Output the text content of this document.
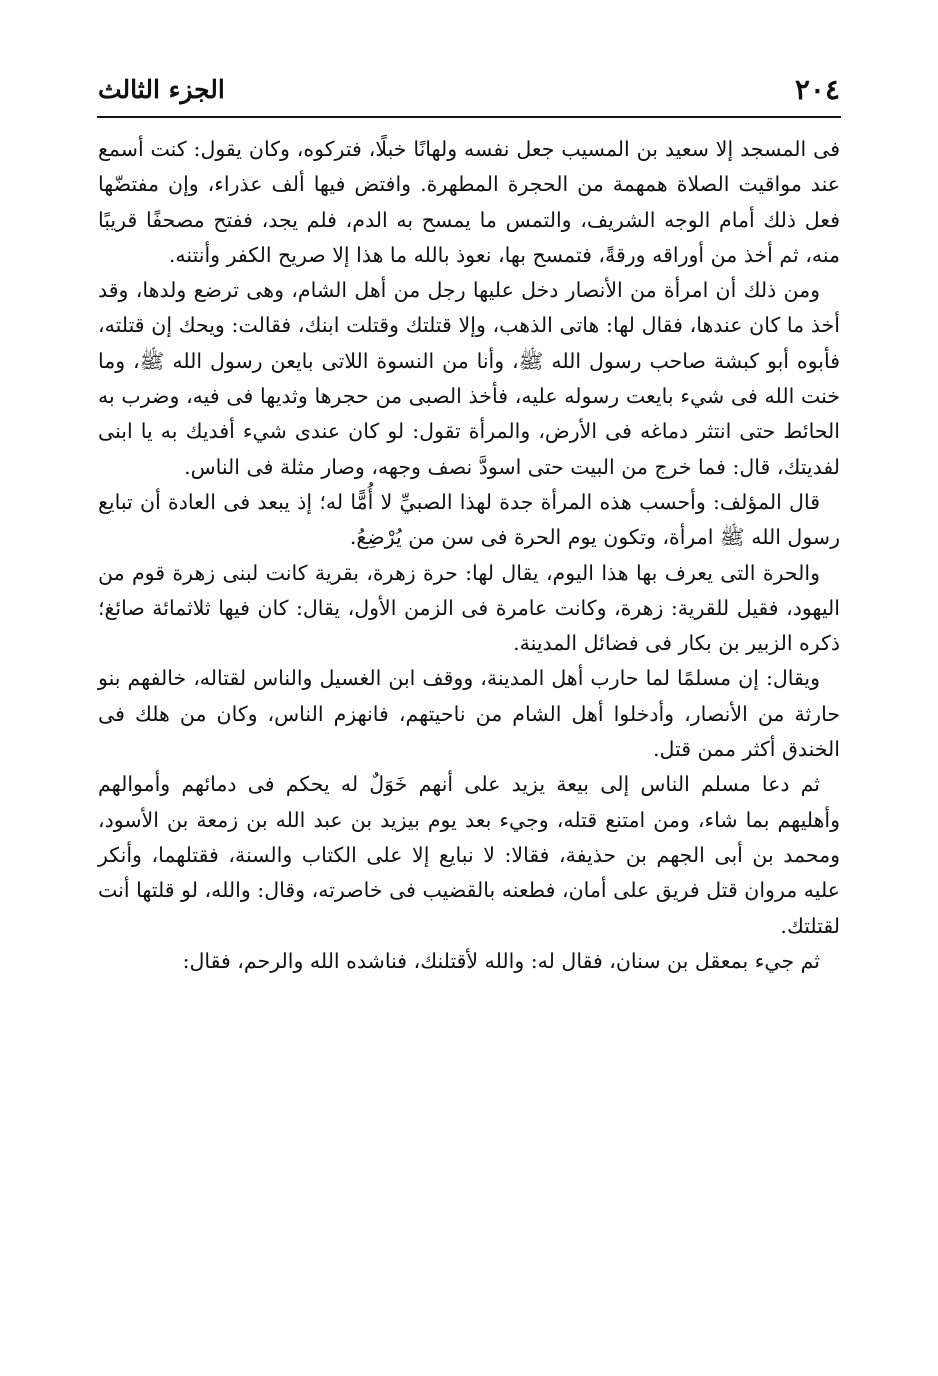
٢٠٤
الجزء الثالث

فى المسجد إلا سعيد بن المسيب جعل نفسه ولهانًا خبلًا، فتركوه، وكان يقول: كنت أسمع عند مواقيت الصلاة همهمة من الحجرة المطهرة. وافتض فيها ألف عذراء، وإن مفتضّها فعل ذلك أمام الوجه الشريف، والتمس ما يمسح به الدم، فلم يجد، ففتح مصحفًا قريبًا منه، ثم أخذ من أوراقه ورقةً، فتمسح بها، نعوذ بالله ما هذا إلا صريح الكفر وأنتنه.

ومن ذلك أن امرأة من الأنصار دخل عليها رجل من أهل الشام، وهى ترضع ولدها، وقد أخذ ما كان عندها، فقال لها: هاتى الذهب، وإلا قتلتك وقتلت ابنك، فقالت: ويحك إن قتلته، فأبوه أبو كبشة صاحب رسول الله ﷺ، وأنا من النسوة اللاتى بايعن رسول الله ﷺ، وما خنت الله فى شيء بايعت رسوله عليه، فأخذ الصبى من حجرها وثديها فى فيه، وضرب به الحائط حتى انتثر دماغه فى الأرض، والمرأة تقول: لو كان عندى شيء أفديك به يا ابنى لفديتك، قال: فما خرج من البيت حتى اسودَّ نصف وجهه، وصار مثلة فى الناس.

قال المؤلف: وأحسب هذه المرأة جدة لهذا الصبيِّ لا أُمًّا له؛ إذ يبعد فى العادة أن تبايع رسول الله ﷺ امرأة، وتكون يوم الحرة فى سن من يُرْضِعُ.

والحرة التى يعرف بها هذا اليوم، يقال لها: حرة زهرة، بقرية كانت لبنى زهرة قوم من اليهود، فقيل للقرية: زهرة، وكانت عامرة فى الزمن الأول، يقال: كان فيها ثلاثمائة صائغ؛ ذكره الزبير بن بكار فى فضائل المدينة.

ويقال: إن مسلمًا لما حارب أهل المدينة، ووقف ابن الغسيل والناس لقتاله، خالفهم بنو حارثة من الأنصار، وأدخلوا أهل الشام من ناحيتهم، فانهزم الناس، وكان من هلك فى الخندق أكثر ممن قتل.

ثم دعا مسلم الناس إلى بيعة يزيد على أنهم خَوَلٌ له يحكم فى دمائهم وأموالهم وأهليهم بما شاء، ومن امتنع قتله، وجيء بعد يوم بيزيد بن عبد الله بن زمعة بن الأسود، ومحمد بن أبى الجهم بن حذيفة، فقالا: لا نبايع إلا على الكتاب والسنة، فقتلهما، وأنكر عليه مروان قتل فريق على أمان، فطعنه بالقضيب فى خاصرته، وقال: والله، لو قلتها أنت لقتلتك.

ثم جيء بمعقل بن سنان، فقال له: والله لأقتلنك، فناشده الله والرحم، فقال:
